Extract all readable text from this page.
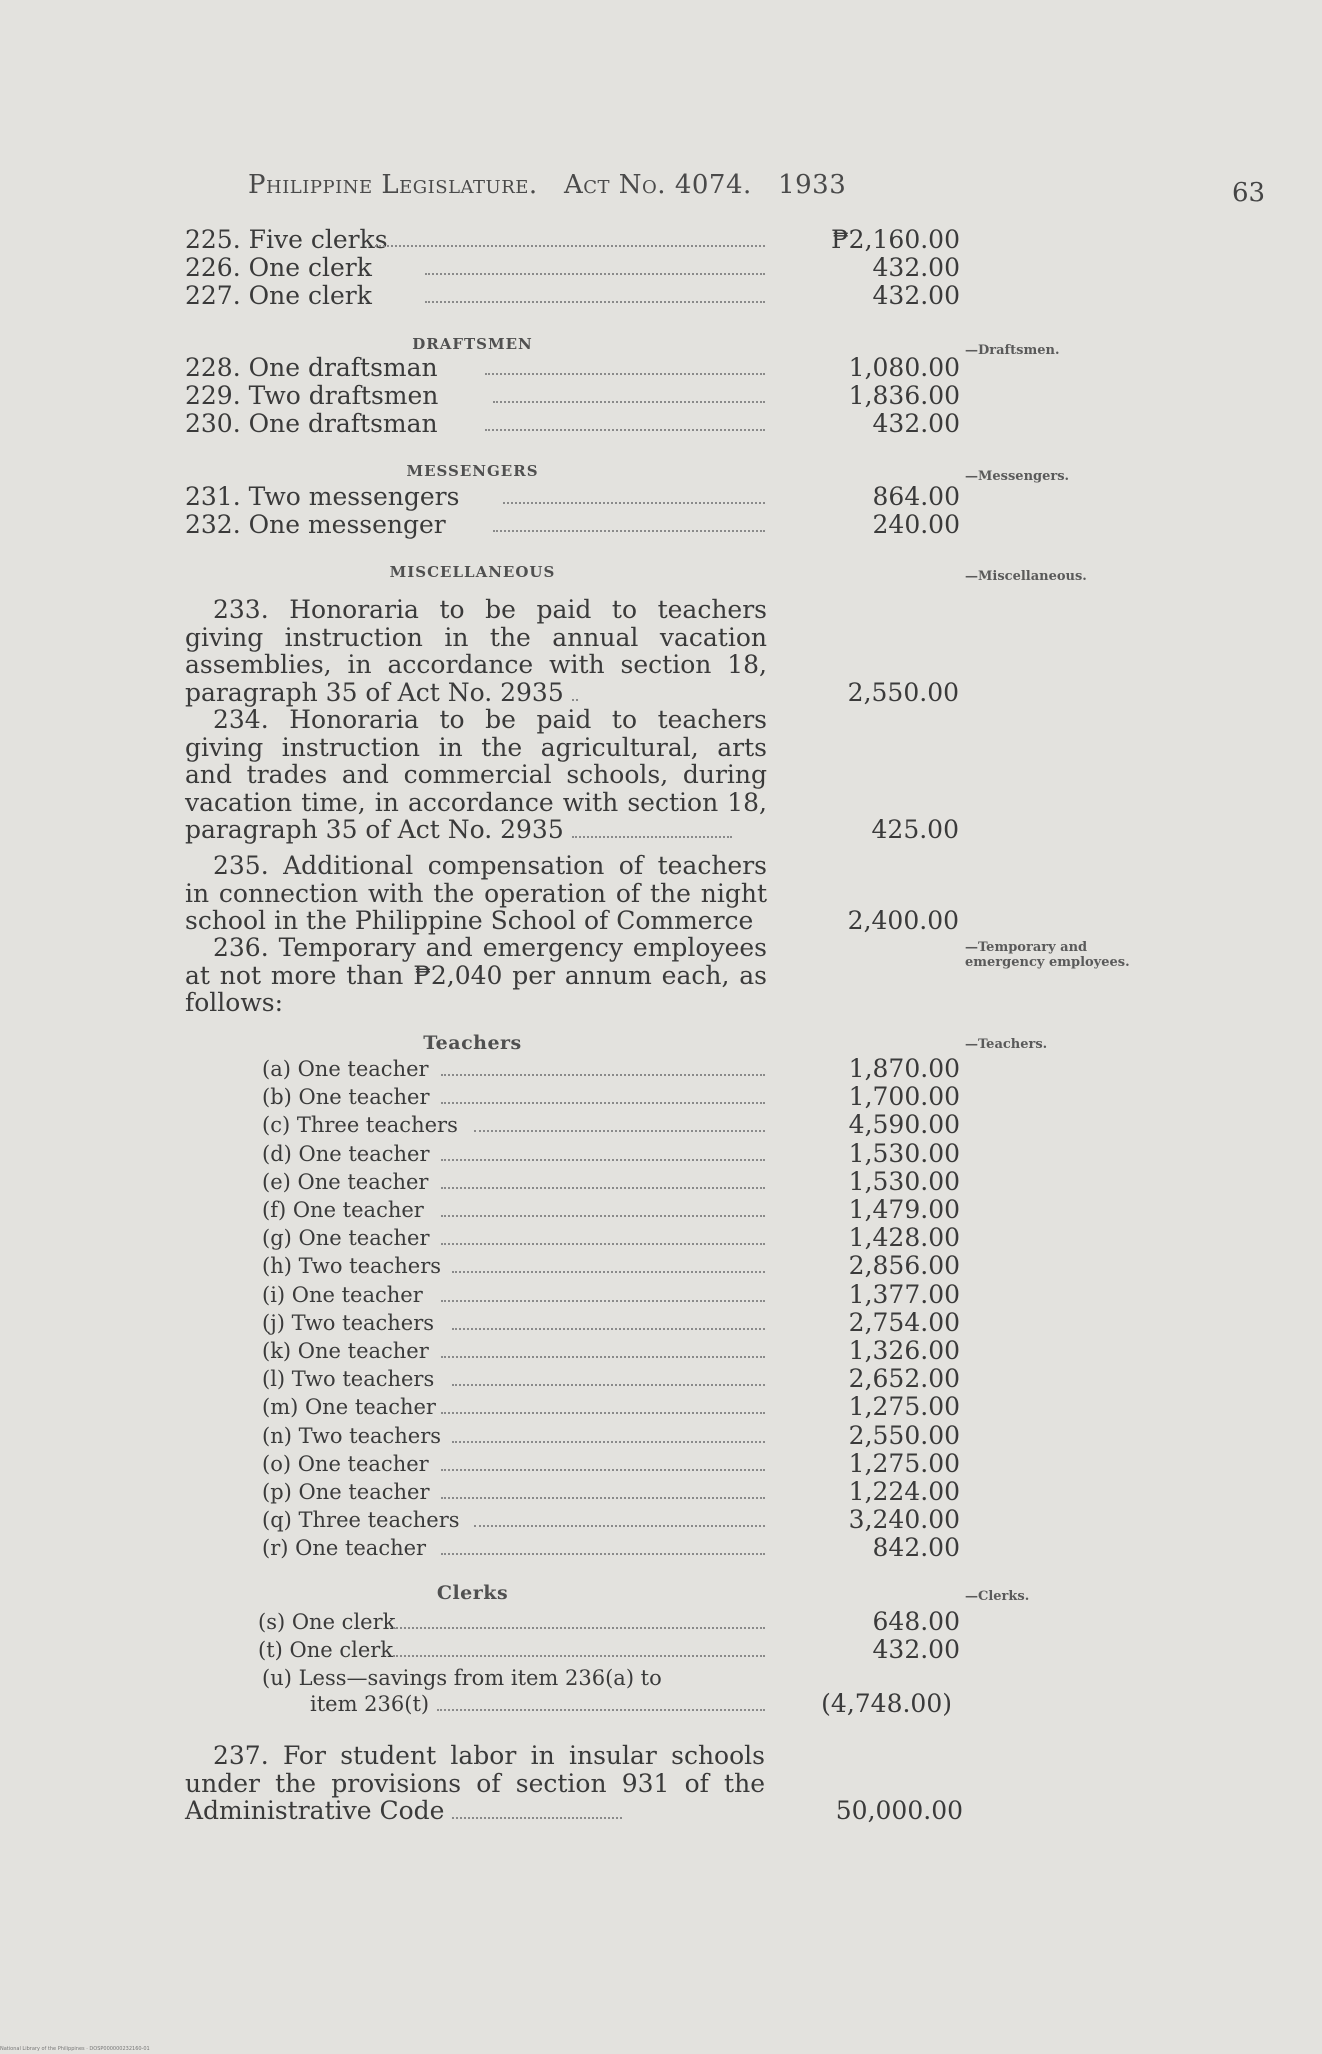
Philippine Legislature. Act No. 4074. 1933	63
225. Five clerks	₱2,160.00
226. One clerk	432.00
227. One clerk	432.00
DRAFTSMEN	—Draftsmen.
228. One draftsman	1,080.00
229. Two draftsmen	1,836.00
230. One draftsman	432.00
MESSENGERS	—Messengers.
231. Two messengers	864.00
232. One messenger	240.00
MISCELLANEOUS	—Miscellaneous.
233. Honoraria to be paid to teachers giving instruction in the annual vacation assemblies, in accordance with section 18, paragraph 35 of Act No. 2935	2,550.00
234. Honoraria to be paid to teachers giving instruction in the agricultural, arts and trades and commercial schools, during vacation time, in accordance with section 18, paragraph 35 of Act No. 2935	425.00
235. Additional compensation of teachers in connection with the operation of the night school in the Philippine School of Commerce	2,400.00
236. Temporary and emergency employees at not more than ₱2,040 per annum each, as follows:
—Temporary and emergency employees.
Teachers	—Teachers.
(a) One teacher	1,870.00
(b) One teacher	1,700.00
(c) Three teachers	4,590.00
(d) One teacher	1,530.00
(e) One teacher	1,530.00
(f) One teacher	1,479.00
(g) One teacher	1,428.00
(h) Two teachers	2,856.00
(i) One teacher	1,377.00
(j) Two teachers	2,754.00
(k) One teacher	1,326.00
(l) Two teachers	2,652.00
(m) One teacher	1,275.00
(n) Two teachers	2,550.00
(o) One teacher	1,275.00
(p) One teacher	1,224.00
(q) Three teachers	3,240.00
(r) One teacher	842.00
Clerks	—Clerks.
(s) One clerk	648.00
(t) One clerk	432.00
(u) Less—savings from item 236(a) to
item 236(t)	(4,748.00)
237. For student labor in insular schools under the provisions of section 931 of the Administrative Code	50,000.00
National Library of the Philippines · DOSP000000232160-01
